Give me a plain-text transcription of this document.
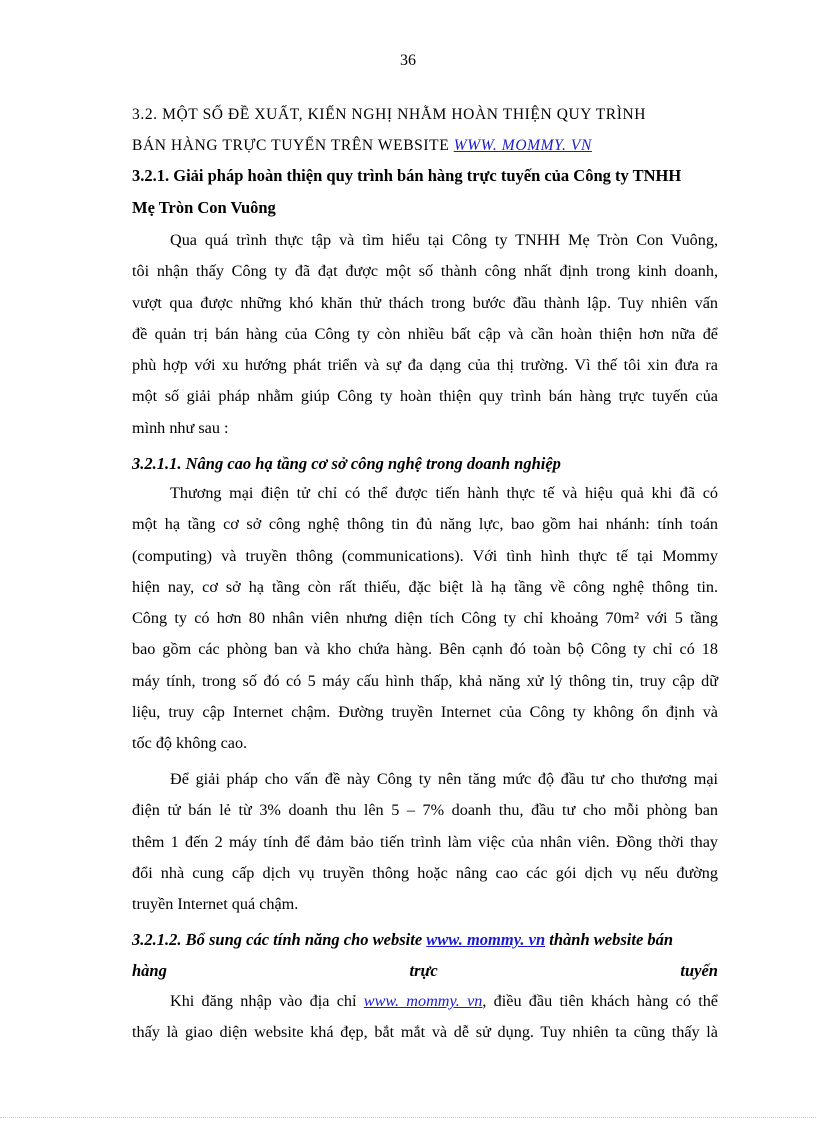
36
3.2. MỘT SỐ ĐỀ XUẤT, KIẾN NGHỊ NHẰM HOÀN THIỆN QUY TRÌNH
BÁN HÀNG TRỰC TUYẾN TRÊN WEBSITE WWW. MOMMY. VN
3.2.1. Giải pháp hoàn thiện quy trình bán hàng trực tuyến của Công ty TNHH
Mẹ Tròn Con Vuông
Qua quá trình thực tập và tìm hiểu tại Công ty TNHH Mẹ Tròn Con Vuông,
tôi nhận thấy Công ty đã đạt được một số thành công nhất định trong kinh doanh,
vượt qua được những khó khăn thử thách trong bước đầu thành lập. Tuy nhiên vấn
đề quản trị bán hàng của Công ty còn nhiều bất cập và cần hoàn thiện hơn nữa để
phù hợp với xu hướng phát triển và sự đa dạng của thị trường. Vì thế tôi xin đưa ra
một số giải pháp nhằm giúp Công ty hoàn thiện quy trình bán hàng trực tuyến của
mình như sau :
3.2.1.1. Nâng cao hạ tầng cơ sở công nghệ trong doanh nghiệp
Thương mại điện tử chỉ có thể được tiến hành thực tế và hiệu quả khi đã có
một hạ tầng cơ sở công nghệ thông tin đủ năng lực, bao gồm hai nhánh: tính toán
(computing) và truyền thông (communications). Với tình hình thực tế tại Mommy
hiện nay, cơ sở hạ tầng còn rất thiếu, đặc biệt là hạ tầng về công nghệ thông tin.
Công ty có hơn 80 nhân viên nhưng diện tích Công ty chỉ khoảng 70m² với 5 tầng
bao gồm các phòng ban và kho chứa hàng. Bên cạnh đó toàn bộ Công ty chỉ có 18
máy tính, trong số đó có 5 máy cấu hình thấp, khả năng xử lý thông tin, truy cập dữ
liệu, truy cập Internet chậm. Đường truyền Internet của Công ty không ổn định và
tốc độ không cao.
Để giải pháp cho vấn đề này Công ty nên tăng mức độ đầu tư cho thương mại
điện tử bán lẻ từ 3% doanh thu lên 5 – 7% doanh thu, đầu tư cho mỗi phòng ban
thêm 1 đến 2 máy tính để đảm bảo tiến trình làm việc của nhân viên. Đồng thời thay
đổi nhà cung cấp dịch vụ truyền thông hoặc nâng cao các gói dịch vụ nếu đường
truyền Internet quá chậm.
3.2.1.2. Bổ sung các tính năng cho website www. mommy. vn thành website bán
hàng	trực	tuyến
Khi đăng nhập vào địa chỉ www. mommy. vn, điều đầu tiên khách hàng có thể
thấy là giao diện website khá đẹp, bắt mắt và dễ sử dụng. Tuy nhiên ta cũng thấy là
